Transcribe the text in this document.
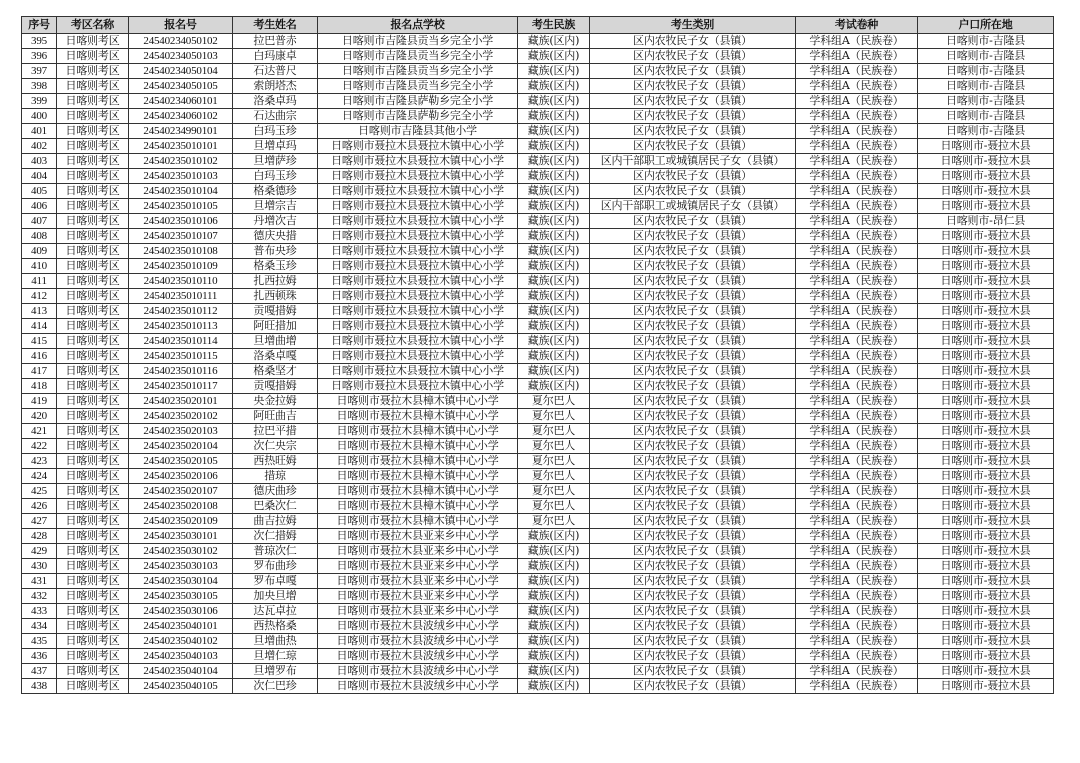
序号	考区名称	报名号	考生姓名	报名点学校	考生民族	考生类别	考试卷种	户口所在地
395	日喀则考区	24540234050102	拉巴普赤	日喀则市吉隆县贡当乡完全小学	藏族(区内)	区内农牧民子女（县镇）	学科组A（民族卷）	日喀则市-吉隆县
396	日喀则考区	24540234050103	白玛康卓	日喀则市吉隆县贡当乡完全小学	藏族(区内)	区内农牧民子女（县镇）	学科组A（民族卷）	日喀则市-吉隆县
397	日喀则考区	24540234050104	石达普尺	日喀则市吉隆县贡当乡完全小学	藏族(区内)	区内农牧民子女（县镇）	学科组A（民族卷）	日喀则市-吉隆县
398	日喀则考区	24540234050105	索朗塔杰	日喀则市吉隆县贡当乡完全小学	藏族(区内)	区内农牧民子女（县镇）	学科组A（民族卷）	日喀则市-吉隆县
399	日喀则考区	24540234060101	洛桑卓玛	日喀则市吉隆县萨勒乡完全小学	藏族(区内)	区内农牧民子女（县镇）	学科组A（民族卷）	日喀则市-吉隆县
400	日喀则考区	24540234060102	石达曲宗	日喀则市吉隆县萨勒乡完全小学	藏族(区内)	区内农牧民子女（县镇）	学科组A（民族卷）	日喀则市-吉隆县
401	日喀则考区	24540234990101	白玛玉珍	日喀则市吉隆县其他小学	藏族(区内)	区内农牧民子女（县镇）	学科组A（民族卷）	日喀则市-吉隆县
402	日喀则考区	24540235010101	旦增卓玛	日喀则市聂拉木县聂拉木镇中心小学	藏族(区内)	区内农牧民子女（县镇）	学科组A（民族卷）	日喀则市-聂拉木县
403	日喀则考区	24540235010102	旦增萨珍	日喀则市聂拉木县聂拉木镇中心小学	藏族(区内)	区内干部职工或城镇居民子女（县镇）	学科组A（民族卷）	日喀则市-聂拉木县
404	日喀则考区	24540235010103	白玛玉珍	日喀则市聂拉木县聂拉木镇中心小学	藏族(区内)	区内农牧民子女（县镇）	学科组A（民族卷）	日喀则市-聂拉木县
405	日喀则考区	24540235010104	格桑德珍	日喀则市聂拉木县聂拉木镇中心小学	藏族(区内)	区内农牧民子女（县镇）	学科组A（民族卷）	日喀则市-聂拉木县
406	日喀则考区	24540235010105	旦增宗吉	日喀则市聂拉木县聂拉木镇中心小学	藏族(区内)	区内干部职工或城镇居民子女（县镇）	学科组A（民族卷）	日喀则市-聂拉木县
407	日喀则考区	24540235010106	丹增次吉	日喀则市聂拉木县聂拉木镇中心小学	藏族(区内)	区内农牧民子女（县镇）	学科组A（民族卷）	日喀则市-昂仁县
408	日喀则考区	24540235010107	德庆央措	日喀则市聂拉木县聂拉木镇中心小学	藏族(区内)	区内农牧民子女（县镇）	学科组A（民族卷）	日喀则市-聂拉木县
409	日喀则考区	24540235010108	普布央珍	日喀则市聂拉木县聂拉木镇中心小学	藏族(区内)	区内农牧民子女（县镇）	学科组A（民族卷）	日喀则市-聂拉木县
410	日喀则考区	24540235010109	格桑玉珍	日喀则市聂拉木县聂拉木镇中心小学	藏族(区内)	区内农牧民子女（县镇）	学科组A（民族卷）	日喀则市-聂拉木县
411	日喀则考区	24540235010110	扎西拉姆	日喀则市聂拉木县聂拉木镇中心小学	藏族(区内)	区内农牧民子女（县镇）	学科组A（民族卷）	日喀则市-聂拉木县
412	日喀则考区	24540235010111	扎西顿珠	日喀则市聂拉木县聂拉木镇中心小学	藏族(区内)	区内农牧民子女（县镇）	学科组A（民族卷）	日喀则市-聂拉木县
413	日喀则考区	24540235010112	贡嘎措姆	日喀则市聂拉木县聂拉木镇中心小学	藏族(区内)	区内农牧民子女（县镇）	学科组A（民族卷）	日喀则市-聂拉木县
414	日喀则考区	24540235010113	阿旺措加	日喀则市聂拉木县聂拉木镇中心小学	藏族(区内)	区内农牧民子女（县镇）	学科组A（民族卷）	日喀则市-聂拉木县
415	日喀则考区	24540235010114	旦增曲增	日喀则市聂拉木县聂拉木镇中心小学	藏族(区内)	区内农牧民子女（县镇）	学科组A（民族卷）	日喀则市-聂拉木县
416	日喀则考区	24540235010115	洛桑卓嘎	日喀则市聂拉木县聂拉木镇中心小学	藏族(区内)	区内农牧民子女（县镇）	学科组A（民族卷）	日喀则市-聂拉木县
417	日喀则考区	24540235010116	格桑坚才	日喀则市聂拉木县聂拉木镇中心小学	藏族(区内)	区内农牧民子女（县镇）	学科组A（民族卷）	日喀则市-聂拉木县
418	日喀则考区	24540235010117	贡嘎措姆	日喀则市聂拉木县聂拉木镇中心小学	藏族(区内)	区内农牧民子女（县镇）	学科组A（民族卷）	日喀则市-聂拉木县
419	日喀则考区	24540235020101	央金拉姆	日喀则市聂拉木县樟木镇中心小学	夏尔巴人	区内农牧民子女（县镇）	学科组A（民族卷）	日喀则市-聂拉木县
420	日喀则考区	24540235020102	阿旺曲吉	日喀则市聂拉木县樟木镇中心小学	夏尔巴人	区内农牧民子女（县镇）	学科组A（民族卷）	日喀则市-聂拉木县
421	日喀则考区	24540235020103	拉巴平措	日喀则市聂拉木县樟木镇中心小学	夏尔巴人	区内农牧民子女（县镇）	学科组A（民族卷）	日喀则市-聂拉木县
422	日喀则考区	24540235020104	次仁央宗	日喀则市聂拉木县樟木镇中心小学	夏尔巴人	区内农牧民子女（县镇）	学科组A（民族卷）	日喀则市-聂拉木县
423	日喀则考区	24540235020105	西热旺姆	日喀则市聂拉木县樟木镇中心小学	夏尔巴人	区内农牧民子女（县镇）	学科组A（民族卷）	日喀则市-聂拉木县
424	日喀则考区	24540235020106	措琼	日喀则市聂拉木县樟木镇中心小学	夏尔巴人	区内农牧民子女（县镇）	学科组A（民族卷）	日喀则市-聂拉木县
425	日喀则考区	24540235020107	德庆曲珍	日喀则市聂拉木县樟木镇中心小学	夏尔巴人	区内农牧民子女（县镇）	学科组A（民族卷）	日喀则市-聂拉木县
426	日喀则考区	24540235020108	巴桑次仁	日喀则市聂拉木县樟木镇中心小学	夏尔巴人	区内农牧民子女（县镇）	学科组A（民族卷）	日喀则市-聂拉木县
427	日喀则考区	24540235020109	曲吉拉姆	日喀则市聂拉木县樟木镇中心小学	夏尔巴人	区内农牧民子女（县镇）	学科组A（民族卷）	日喀则市-聂拉木县
428	日喀则考区	24540235030101	次仁措姆	日喀则市聂拉木县亚来乡中心小学	藏族(区内)	区内农牧民子女（县镇）	学科组A（民族卷）	日喀则市-聂拉木县
429	日喀则考区	24540235030102	普琼次仁	日喀则市聂拉木县亚来乡中心小学	藏族(区内)	区内农牧民子女（县镇）	学科组A（民族卷）	日喀则市-聂拉木县
430	日喀则考区	24540235030103	罗布曲珍	日喀则市聂拉木县亚来乡中心小学	藏族(区内)	区内农牧民子女（县镇）	学科组A（民族卷）	日喀则市-聂拉木县
431	日喀则考区	24540235030104	罗布卓嘎	日喀则市聂拉木县亚来乡中心小学	藏族(区内)	区内农牧民子女（县镇）	学科组A（民族卷）	日喀则市-聂拉木县
432	日喀则考区	24540235030105	加央旦增	日喀则市聂拉木县亚来乡中心小学	藏族(区内)	区内农牧民子女（县镇）	学科组A（民族卷）	日喀则市-聂拉木县
433	日喀则考区	24540235030106	达瓦卓拉	日喀则市聂拉木县亚来乡中心小学	藏族(区内)	区内农牧民子女（县镇）	学科组A（民族卷）	日喀则市-聂拉木县
434	日喀则考区	24540235040101	西热格桑	日喀则市聂拉木县波绒乡中心小学	藏族(区内)	区内农牧民子女（县镇）	学科组A（民族卷）	日喀则市-聂拉木县
435	日喀则考区	24540235040102	旦增曲热	日喀则市聂拉木县波绒乡中心小学	藏族(区内)	区内农牧民子女（县镇）	学科组A（民族卷）	日喀则市-聂拉木县
436	日喀则考区	24540235040103	旦增仁琼	日喀则市聂拉木县波绒乡中心小学	藏族(区内)	区内农牧民子女（县镇）	学科组A（民族卷）	日喀则市-聂拉木县
437	日喀则考区	24540235040104	旦增罗布	日喀则市聂拉木县波绒乡中心小学	藏族(区内)	区内农牧民子女（县镇）	学科组A（民族卷）	日喀则市-聂拉木县
438	日喀则考区	24540235040105	次仁巴珍	日喀则市聂拉木县波绒乡中心小学	藏族(区内)	区内农牧民子女（县镇）	学科组A（民族卷）	日喀则市-聂拉木县
